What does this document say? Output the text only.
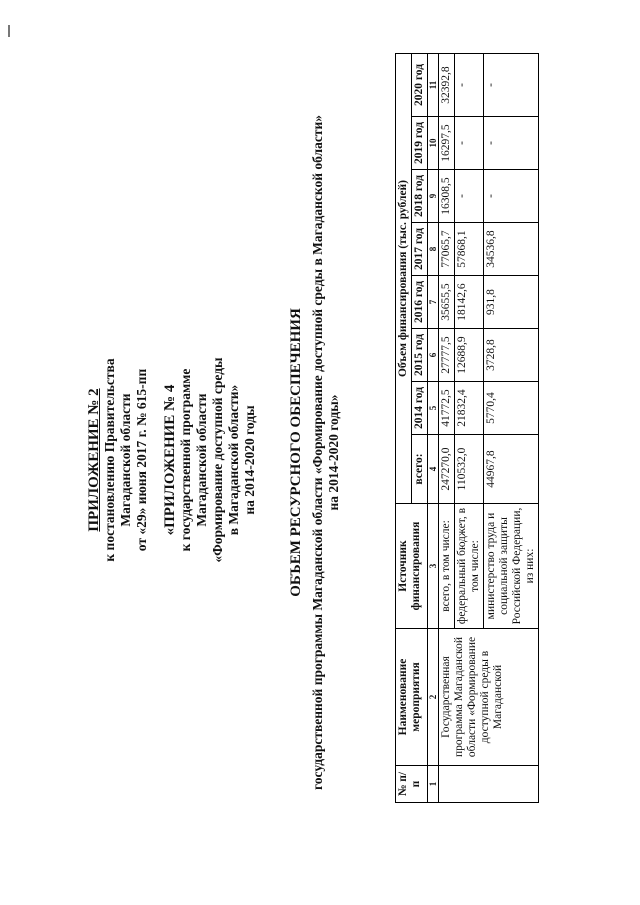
ПРИЛОЖЕНИЕ № 2 к постановлению Правительства Магаданской области от «29» июня 2017 г. № 615-пп «ПРИЛОЖЕНИЕ № 4 к государственной программе Магаданской области «Формирование доступной среды в Магаданской области» на 2014-2020 годы ОБЪЕМ РЕСУРСНОГО ОБЕСПЕЧЕНИЯ государственной программы Магаданской области «Формирование доступной среды в Магаданской области» на 2014-2020 годы»
№ п/п	Наименование мероприятия	Источник финансирования	Объем финансирования (тыс. рублей)							
			всего:	2014 год	2015 год	2016 год	2017 год	2018 год	2019 год	2020 год
1	2	3	4	5	6	7	8	9	10	11
	Государственная программа Магаданской области «Формирование доступной среды в Магаданской	всего, в том числе:	247270,0	41772,5	27777,5	35655,5	77065,7	16308,5	16297,5	32392,8
		федеральный бюджет, в том числе:	110532,0	21832,4	12688,9	18142,6	57868,1	-	-	-
		министерство труда и социальной защиты Российской Федерации, из них:	44967,8	5770,4	3728,8	931,8	34536,8	-	-	-
